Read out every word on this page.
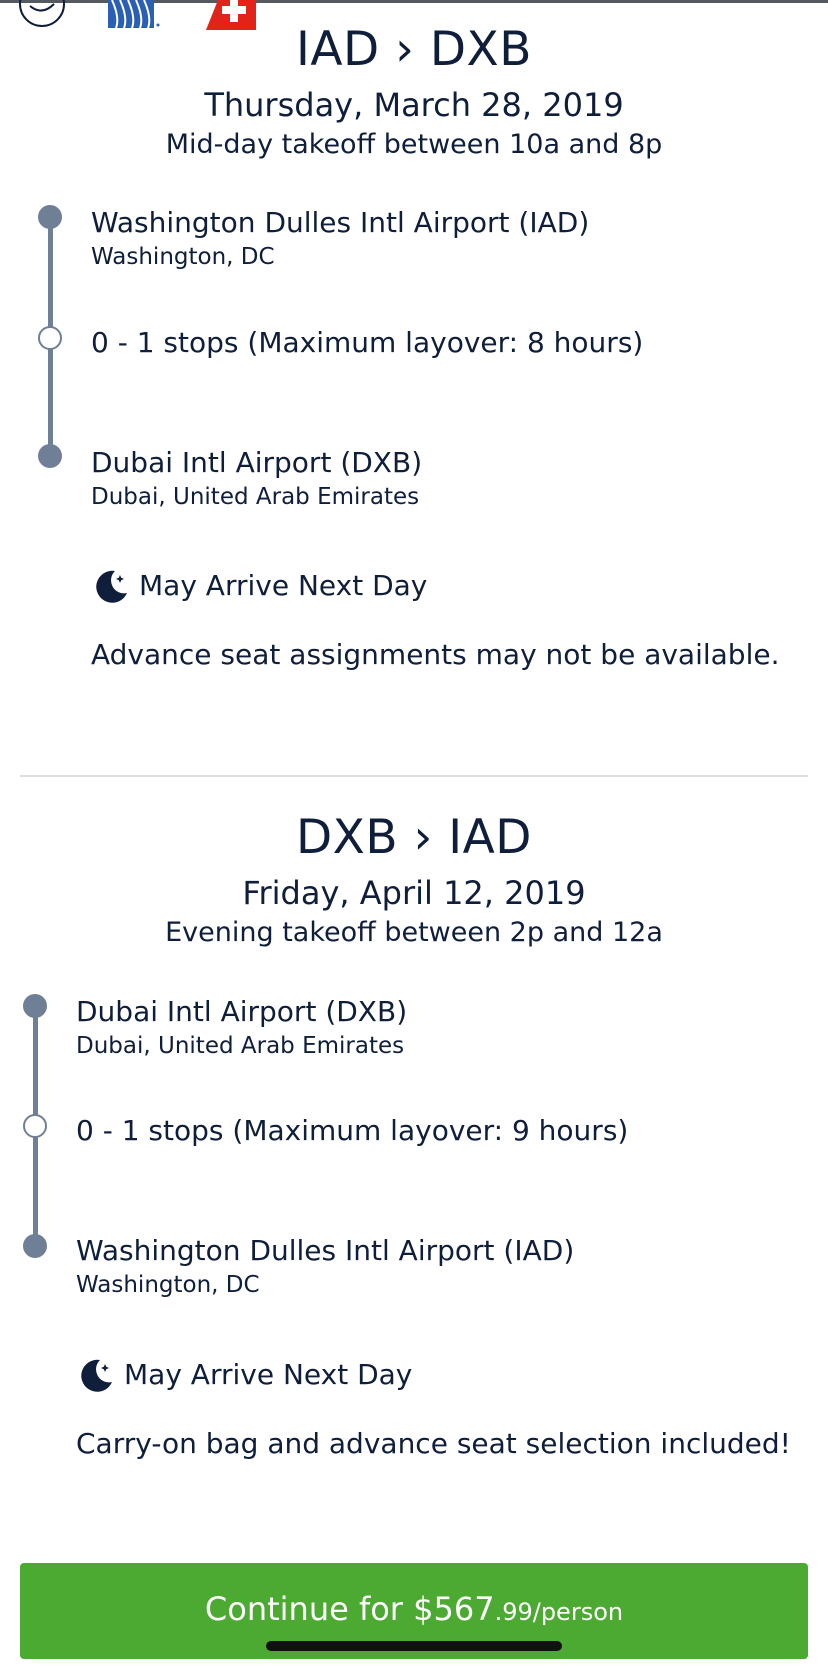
IAD › DXB
Thursday, March 28, 2019
Mid-day takeoff between 10a and 8p
Washington Dulles Intl Airport (IAD)
Washington, DC
0 - 1 stops (Maximum layover: 8 hours)
Dubai Intl Airport (DXB)
Dubai, United Arab Emirates
May Arrive Next Day
Advance seat assignments may not be available.
DXB › IAD
Friday, April 12, 2019
Evening takeoff between 2p and 12a
Dubai Intl Airport (DXB)
Dubai, United Arab Emirates
0 - 1 stops (Maximum layover: 9 hours)
Washington Dulles Intl Airport (IAD)
Washington, DC
May Arrive Next Day
Carry-on bag and advance seat selection included!
Continue for $567.99/person
